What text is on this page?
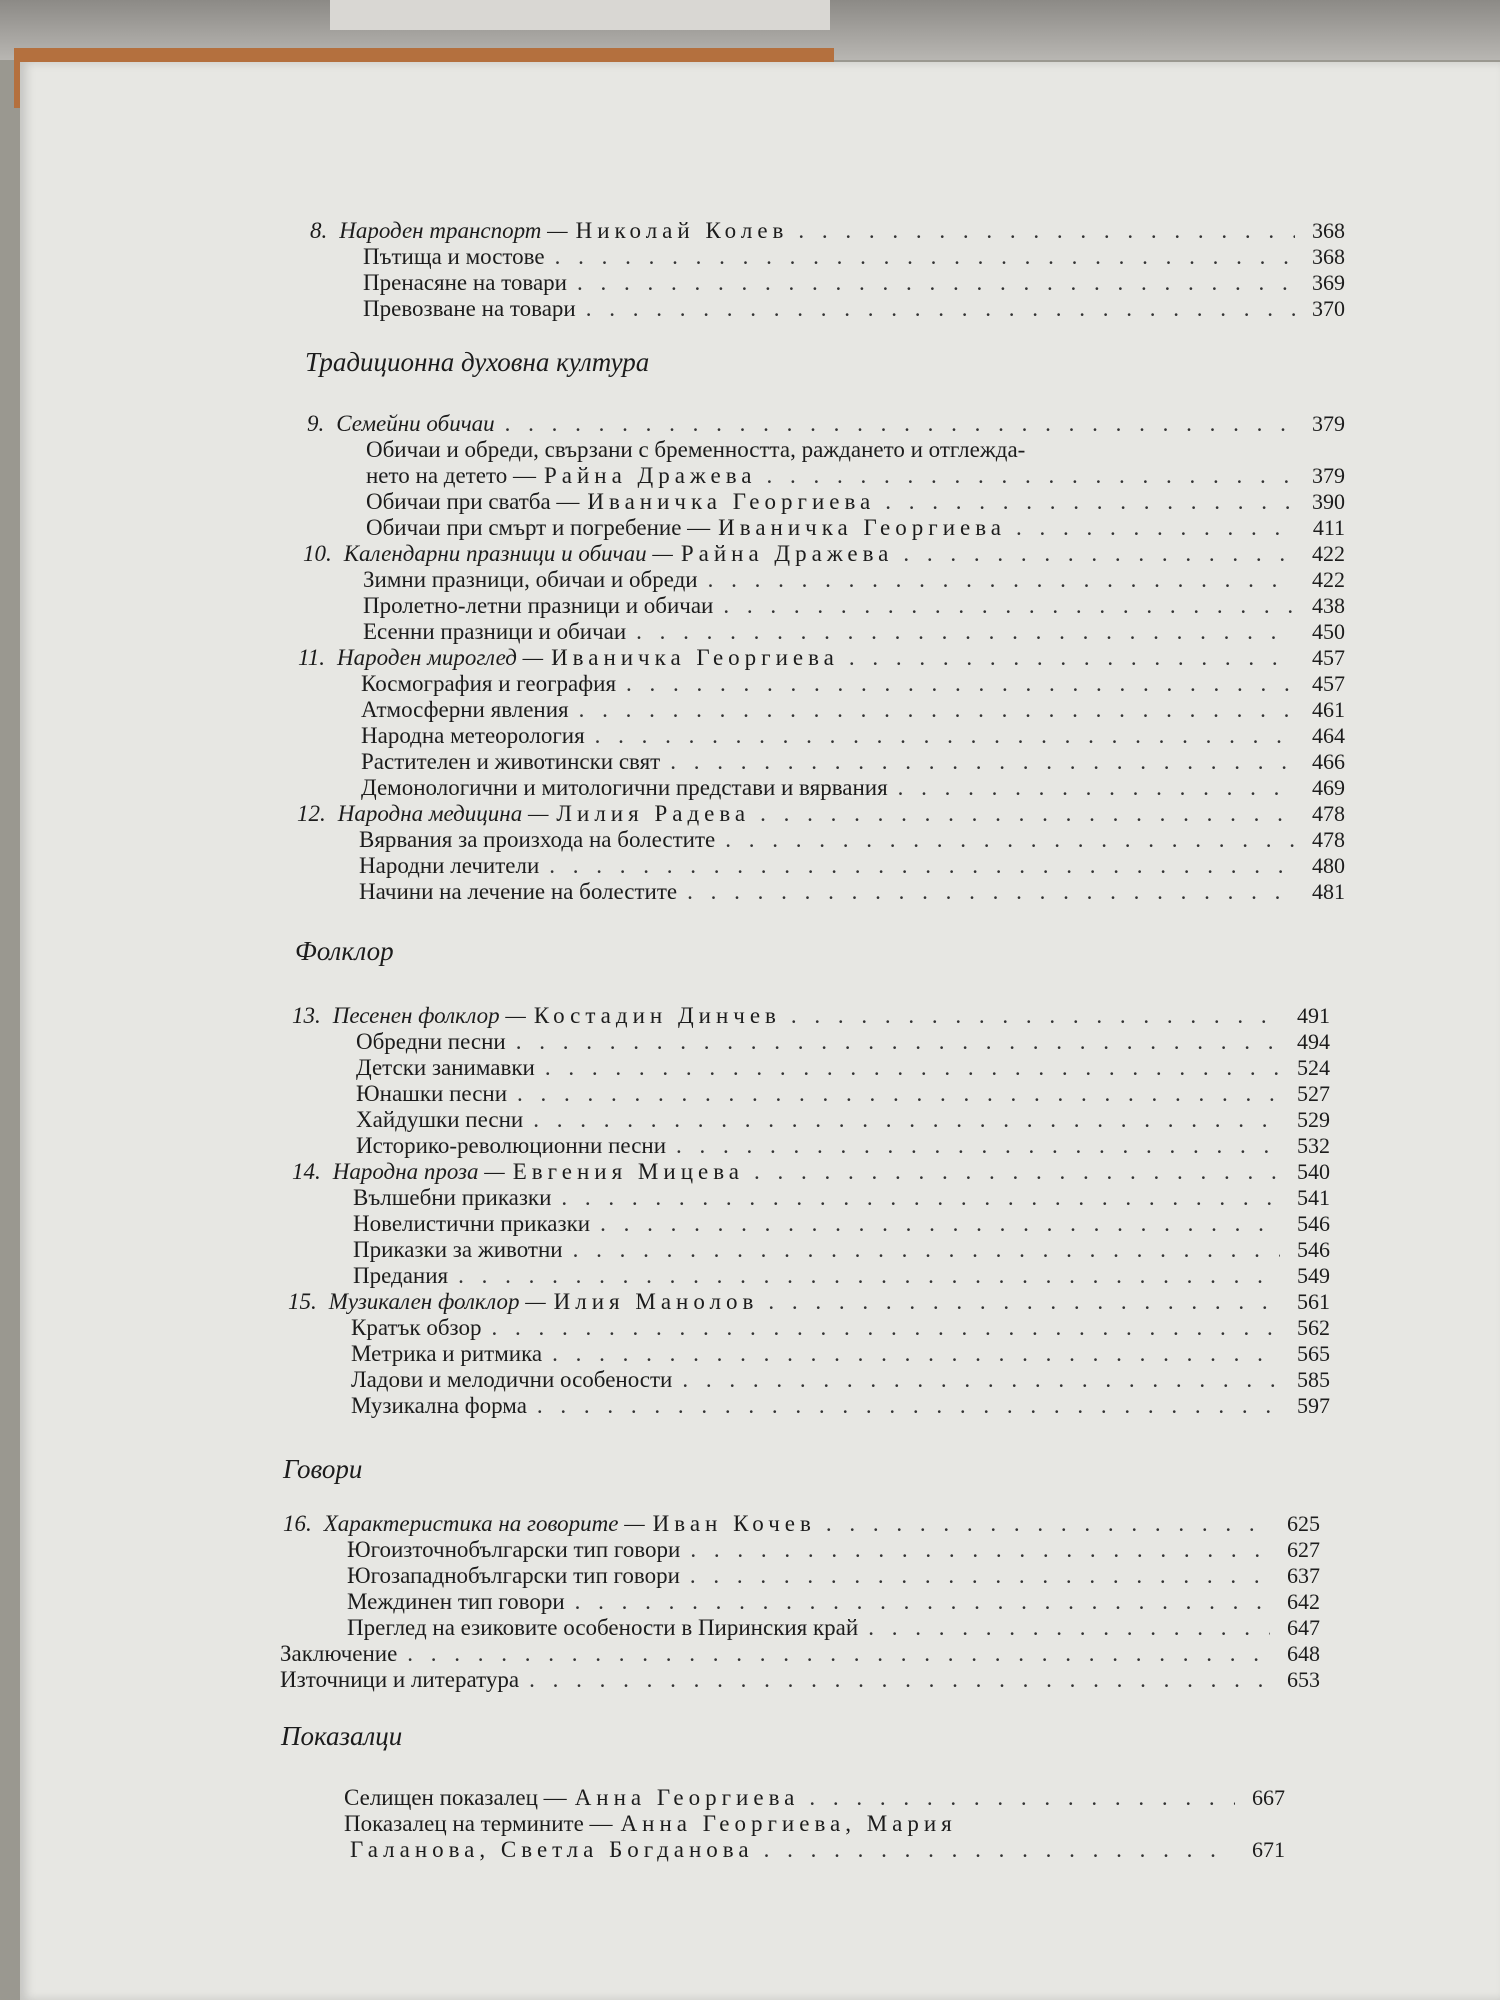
Традиционна духовна култура
Фолклор
Говори
Показалци
8. Народен транспорт — Николай Колев . . .	368
Пътища и мостове . . .	368
Пренасяне на товари . . .	369
Превозване на товари . . .	370
9. Семейни обичаи . . .	379
Обичаи и обреди, свързани с бременността, раждането и отглежда-
нето на детето — Райна Дражева . . .	379
Обичаи при сватба — Иваничка Георгиева . . .	390
Обичаи при смърт и погребение — Иваничка Георгиева . . .	411
10. Календарни празници и обичаи — Райна Дражева . . .	422
Зимни празници, обичаи и обреди . . .	422
Пролетно-летни празници и обичаи . . .	438
Есенни празници и обичаи . . .	450
11. Народен мироглед — Иваничка Георгиева . . .	457
Космография и география . . .	457
Атмосферни явления . . .	461
Народна метеорология . . .	464
Растителен и животински свят . . .	466
Демонологични и митологични представи и вярвания . . .	469
12. Народна медицина — Лилия Радева . . .	478
Вярвания за произхода на болестите . . .	478
Народни лечители . . .	480
Начини на лечение на болестите . . .	481
13. Песенен фолклор — Костадин Динчев . . .	491
Обредни песни . . .	494
Детски занимавки . . .	524
Юнашки песни . . .	527
Хайдушки песни . . .	529
Историко-революционни песни . . .	532
14. Народна проза — Евгения Мицева . . .	540
Вълшебни приказки . . .	541
Новелистични приказки . . .	546
Приказки за животни . . .	546
Предания . . .	549
15. Музикален фолклор — Илия Манолов . . .	561
Кратък обзор . . .	562
Метрика и ритмика . . .	565
Ладови и мелодични особености . . .	585
Музикална форма . . .	597
16. Характеристика на говорите — Иван Кочев . . .	625
Югоизточнобългарски тип говори . . .	627
Югозападнобългарски тип говори . . .	637
Междинен тип говори . . .	642
Преглед на езиковите особености в Пиринския край . . .	647
Заключение . . .	648
Източници и литература . . .	653
Селищен показалец — Анна Георгиева . . .	667
Показалец на термините — Анна Георгиева, Мария
Галанова, Светла Богданова . . .	671
